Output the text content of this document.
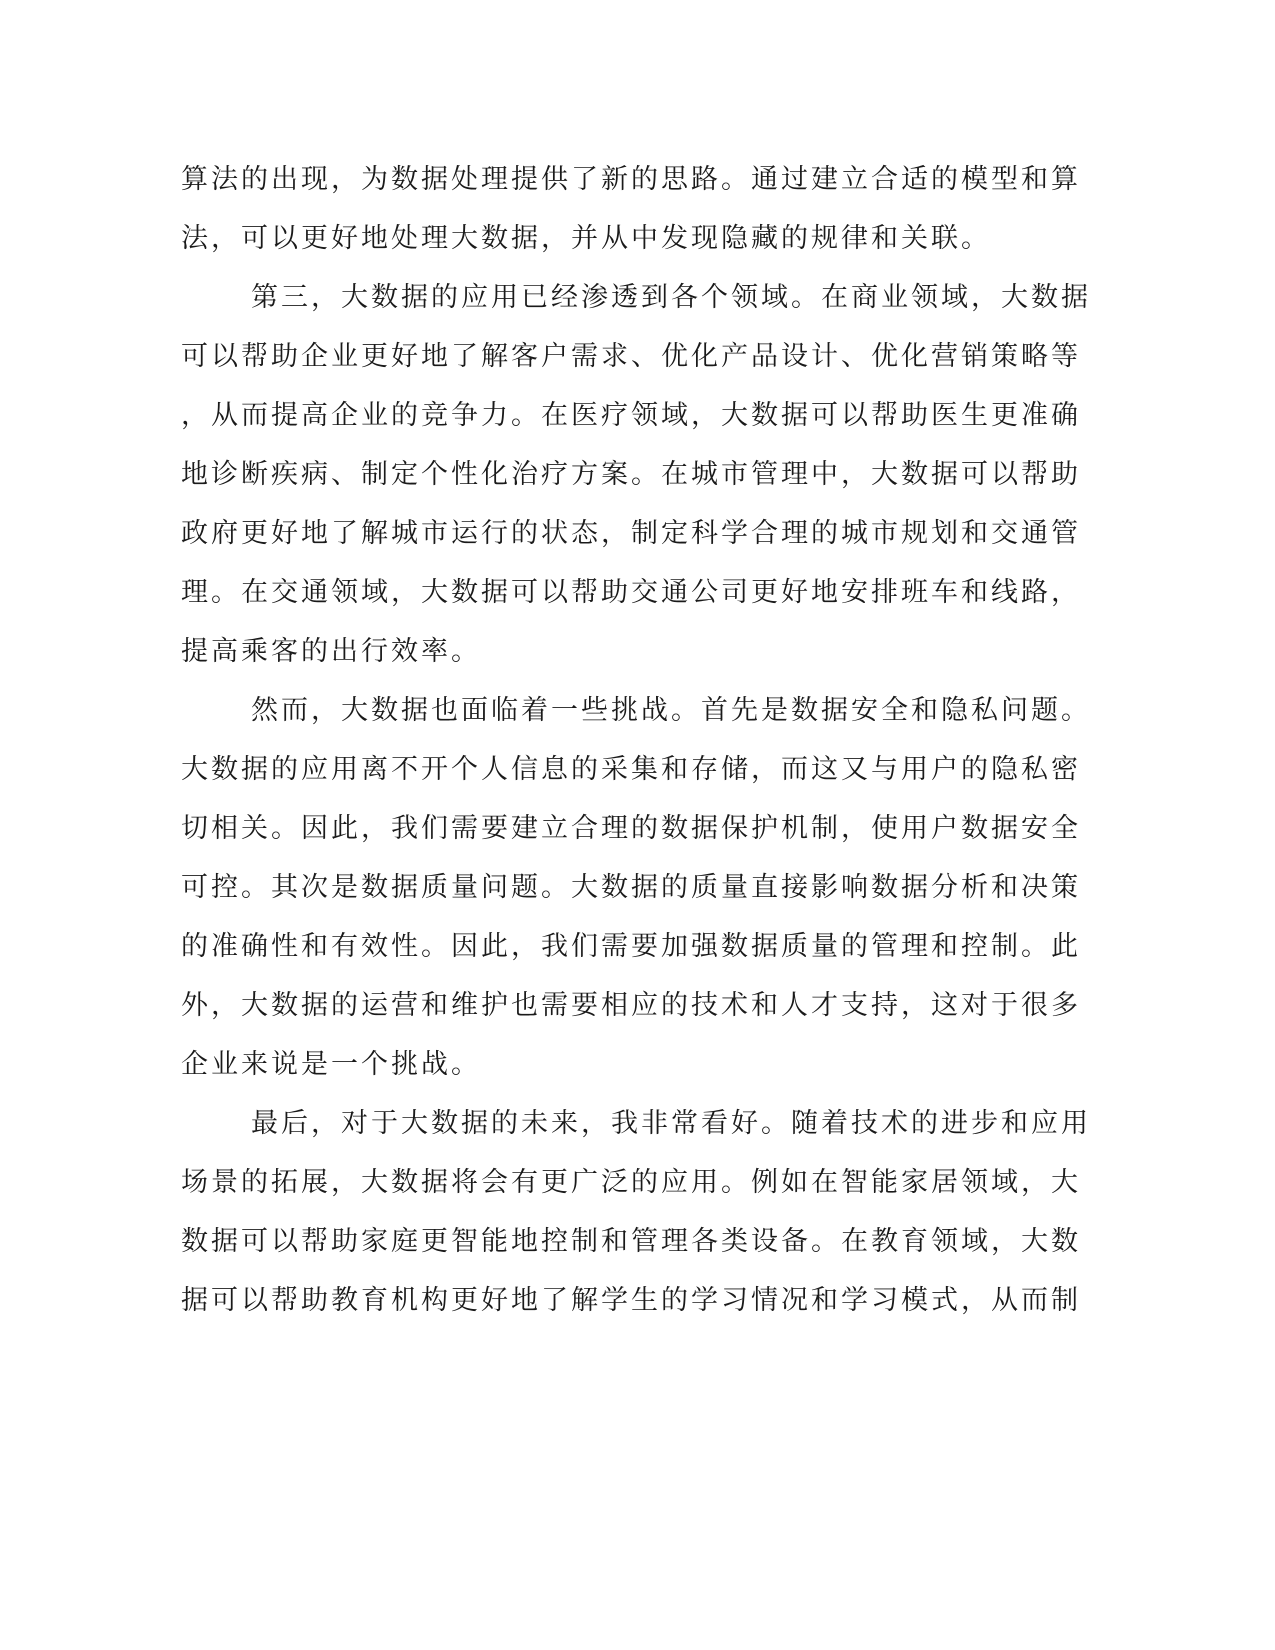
算法的出现，为数据处理提供了新的思路。通过建立合适的模型和算
法，可以更好地处理大数据，并从中发现隐藏的规律和关联。
第三，大数据的应用已经渗透到各个领域。在商业领域，大数据
可以帮助企业更好地了解客户需求、优化产品设计、优化营销策略等
，从而提高企业的竞争力。在医疗领域，大数据可以帮助医生更准确
地诊断疾病、制定个性化治疗方案。在城市管理中，大数据可以帮助
政府更好地了解城市运行的状态，制定科学合理的城市规划和交通管
理。在交通领域，大数据可以帮助交通公司更好地安排班车和线路，
提高乘客的出行效率。
然而，大数据也面临着一些挑战。首先是数据安全和隐私问题。
大数据的应用离不开个人信息的采集和存储，而这又与用户的隐私密
切相关。因此，我们需要建立合理的数据保护机制，使用户数据安全
可控。其次是数据质量问题。大数据的质量直接影响数据分析和决策
的准确性和有效性。因此，我们需要加强数据质量的管理和控制。此
外，大数据的运营和维护也需要相应的技术和人才支持，这对于很多
企业来说是一个挑战。
最后，对于大数据的未来，我非常看好。随着技术的进步和应用
场景的拓展，大数据将会有更广泛的应用。例如在智能家居领域，大
数据可以帮助家庭更智能地控制和管理各类设备。在教育领域，大数
据可以帮助教育机构更好地了解学生的学习情况和学习模式，从而制
